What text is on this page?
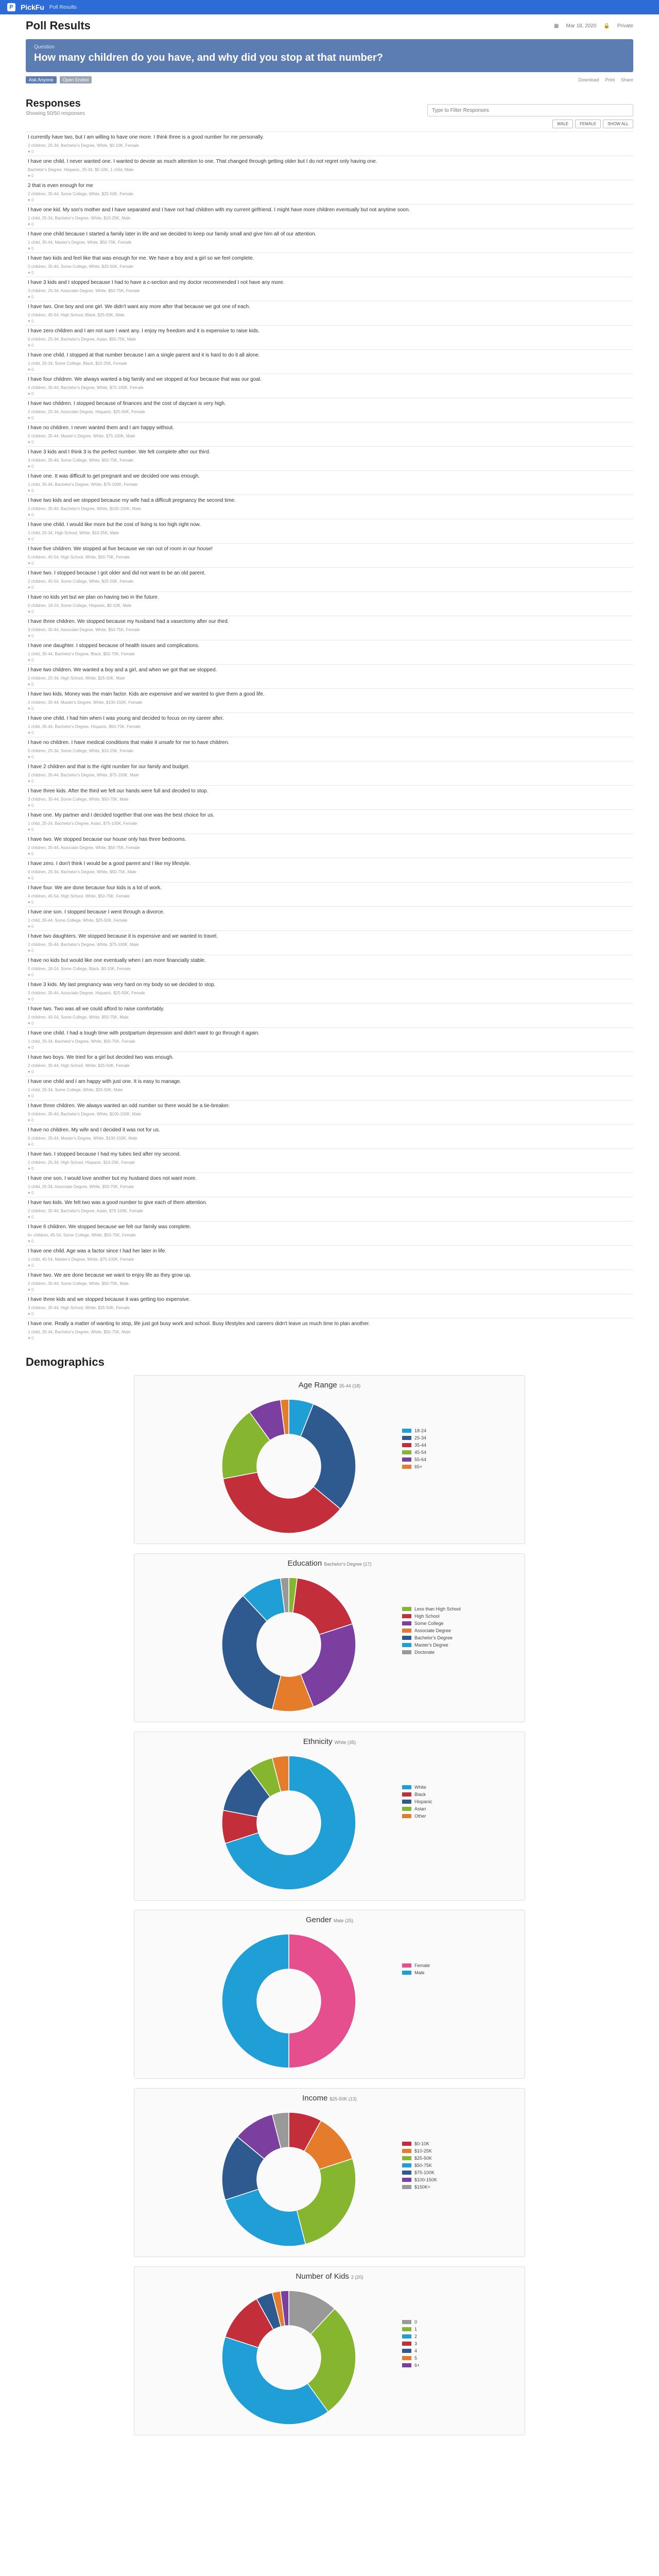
P	PickFu Poll Results
Poll Results	▦ Mar 18, 2020 🔒 Private
Question
How many children do you have, and why did you stop at that number?
Ask Anyone	Open Ended	Download Print Share
Responses
Showing 50/50 responses
Type to Filter Responses
MALE	FEMALE	SHOW ALL
I currently have two, but I am willing to have one more. I think three is a good number for me personally.
2 children, 25-34, Bachelor's Degree, White, $0-10K, Female
♥ 0
I have one child. I never wanted one. I wanted to devote as much attention to one. That changed through getting older but I do not regret only having one.
Bachelor's Degree, Hispanic, 25-34, $0-10K, 1 child, Male
♥ 0
2 that is even enough for me
2 children, 35-44, Some College, White, $25-50K, Female
♥ 0
I have one kid. My son's mother and I have separated and I have not had children with my current girlfriend. I might have more children eventually but not anytime soon.
1 child, 25-34, Bachelor's Degree, White, $10-25K, Male
♥ 0
I have one child because I started a family later in life and we decided to keep our family small and give him all of our attention.
1 child, 35-44, Master's Degree, White, $50-75K, Female
♥ 0
I have two kids and feel like that was enough for me. We have a boy and a girl so we feel complete.
2 children, 35-44, Some College, White, $25-50K, Female
♥ 0
I have 3 kids and I stopped because I had to have a c-section and my doctor recommended I not have any more.
3 children, 25-34, Associate Degree, White, $50-75K, Female
♥ 0
I have two. One boy and one girl. We didn't want any more after that because we got one of each.
2 children, 45-54, High School, Black, $25-50K, Male
♥ 0
I have zero children and I am not sure I want any. I enjoy my freedom and it is expensive to raise kids.
0 children, 25-34, Bachelor's Degree, Asian, $50-75K, Male
♥ 0
I have one child. I stopped at that number because I am a single parent and it is hard to do it all alone.
1 child, 25-34, Some College, Black, $10-25K, Female
♥ 0
I have four children. We always wanted a big family and we stopped at four because that was our goal.
4 children, 35-44, Bachelor's Degree, White, $75-100K, Female
♥ 0
I have two children. I stopped because of finances and the cost of daycare is very high.
2 children, 25-34, Associate Degree, Hispanic, $25-50K, Female
♥ 0
I have no children. I never wanted them and I am happy without.
0 children, 35-44, Master's Degree, White, $75-100K, Male
♥ 0
I have 3 kids and I think 3 is the perfect number. We felt complete after our third.
3 children, 35-44, Some College, White, $50-75K, Female
♥ 0
I have one. It was difficult to get pregnant and we decided one was enough.
1 child, 35-44, Bachelor's Degree, White, $75-100K, Female
♥ 0
I have two kids and we stopped because my wife had a difficult pregnancy the second time.
2 children, 35-44, Bachelor's Degree, White, $100-150K, Male
♥ 0
I have one child. I would like more but the cost of living is too high right now.
1 child, 25-34, High School, White, $10-25K, Male
♥ 0
I have five children. We stopped at five because we ran out of room in our house!
5 children, 45-54, High School, White, $50-75K, Female
♥ 0
I have two. I stopped because I got older and did not want to be an old parent.
2 children, 45-54, Some College, White, $25-50K, Female
♥ 0
I have no kids yet but we plan on having two in the future.
0 children, 18-24, Some College, Hispanic, $0-10K, Male
♥ 0
I have three children. We stopped because my husband had a vasectomy after our third.
3 children, 35-44, Associate Degree, White, $50-75K, Female
♥ 0
I have one daughter. I stopped because of health issues and complications.
1 child, 35-44, Bachelor's Degree, Black, $50-75K, Female
♥ 0
I have two children. We wanted a boy and a girl, and when we got that we stopped.
2 children, 25-34, High School, White, $25-50K, Male
♥ 0
I have two kids. Money was the main factor. Kids are expensive and we wanted to give them a good life.
2 children, 35-44, Master's Degree, White, $100-150K, Female
♥ 0
I have one child. I had him when I was young and decided to focus on my career after.
1 child, 35-44, Bachelor's Degree, Hispanic, $50-75K, Female
♥ 0
I have no children. I have medical conditions that make it unsafe for me to have children.
0 children, 25-34, Some College, White, $10-25K, Female
♥ 0
I have 2 children and that is the right number for our family and budget.
2 children, 35-44, Bachelor's Degree, White, $75-100K, Male
♥ 0
I have three kids. After the third we felt our hands were full and decided to stop.
3 children, 35-44, Some College, White, $50-75K, Male
♥ 0
I have one. My partner and I decided together that one was the best choice for us.
1 child, 25-34, Bachelor's Degree, Asian, $75-100K, Female
♥ 0
I have two. We stopped because our house only has three bedrooms.
2 children, 35-44, Associate Degree, White, $50-75K, Female
♥ 0
I have zero. I don't think I would be a good parent and I like my lifestyle.
0 children, 25-34, Bachelor's Degree, White, $50-75K, Male
♥ 0
I have four. We are done because four kids is a lot of work.
4 children, 45-54, High School, White, $50-75K, Female
♥ 0
I have one son. I stopped because I went through a divorce.
1 child, 35-44, Some College, White, $25-50K, Female
♥ 0
I have two daughters. We stopped because it is expensive and we wanted to travel.
2 children, 35-44, Bachelor's Degree, White, $75-100K, Male
♥ 0
I have no kids but would like one eventually when I am more financially stable.
0 children, 18-24, Some College, Black, $0-10K, Female
♥ 0
I have 3 kids. My last pregnancy was very hard on my body so we decided to stop.
3 children, 35-44, Associate Degree, Hispanic, $25-50K, Female
♥ 0
I have two. Two was all we could afford to raise comfortably.
2 children, 45-54, Some College, White, $50-75K, Male
♥ 0
I have one child. I had a tough time with postpartum depression and didn't want to go through it again.
1 child, 25-34, Bachelor's Degree, White, $50-75K, Female
♥ 0
I have two boys. We tried for a girl but decided two was enough.
2 children, 35-44, High School, White, $25-50K, Female
♥ 0
I have one child and I am happy with just one. It is easy to manage.
1 child, 25-34, Some College, White, $25-50K, Male
♥ 0
I have three children. We always wanted an odd number so there would be a tie-breaker.
3 children, 35-44, Bachelor's Degree, White, $100-150K, Male
♥ 0
I have no children. My wife and I decided it was not for us.
0 children, 35-44, Master's Degree, White, $100-150K, Male
♥ 0
I have two. I stopped because I had my tubes tied after my second.
2 children, 25-34, High School, Hispanic, $10-25K, Female
♥ 0
I have one son. I would love another but my husband does not want more.
1 child, 25-34, Associate Degree, White, $50-75K, Female
♥ 0
I have two kids. We felt two was a good number to give each of them attention.
2 children, 35-44, Bachelor's Degree, Asian, $75-100K, Female
♥ 0
I have 6 children. We stopped because we felt our family was complete.
6+ children, 45-54, Some College, White, $50-75K, Female
♥ 0
I have one child. Age was a factor since I had her later in life.
1 child, 45-54, Master's Degree, White, $75-100K, Female
♥ 0
I have two. We are done because we want to enjoy life as they grow up.
2 children, 35-44, Some College, White, $50-75K, Male
♥ 0
I have three kids and we stopped because it was getting too expensive.
3 children, 35-44, High School, White, $25-50K, Female
♥ 0
I have one. Really a matter of wanting to stop, life just got busy work and school. Busy lifestyles and careers didn't leave us much time to plan another.
1 child, 35-44, Bachelor's Degree, White, $50-75K, Male
♥ 0
Demographics
Age Range 35-44 (18)
18-24
25-34
35-44
45-54
55-64
65+
Education Bachelor's Degree (17)
Less than High School
High School
Some College
Associate Degree
Bachelor's Degree
Master's Degree
Doctorate
Ethnicity White (35)
White
Black
Hispanic
Asian
Other
Gender Male (25)
Female
Male
Income $25-50K (13)
$0-10K
$10-25K
$25-50K
$50-75K
$75-100K
$100-150K
$150K+
Number of Kids 2 (20)
0
1
2
3
4
5
6+
